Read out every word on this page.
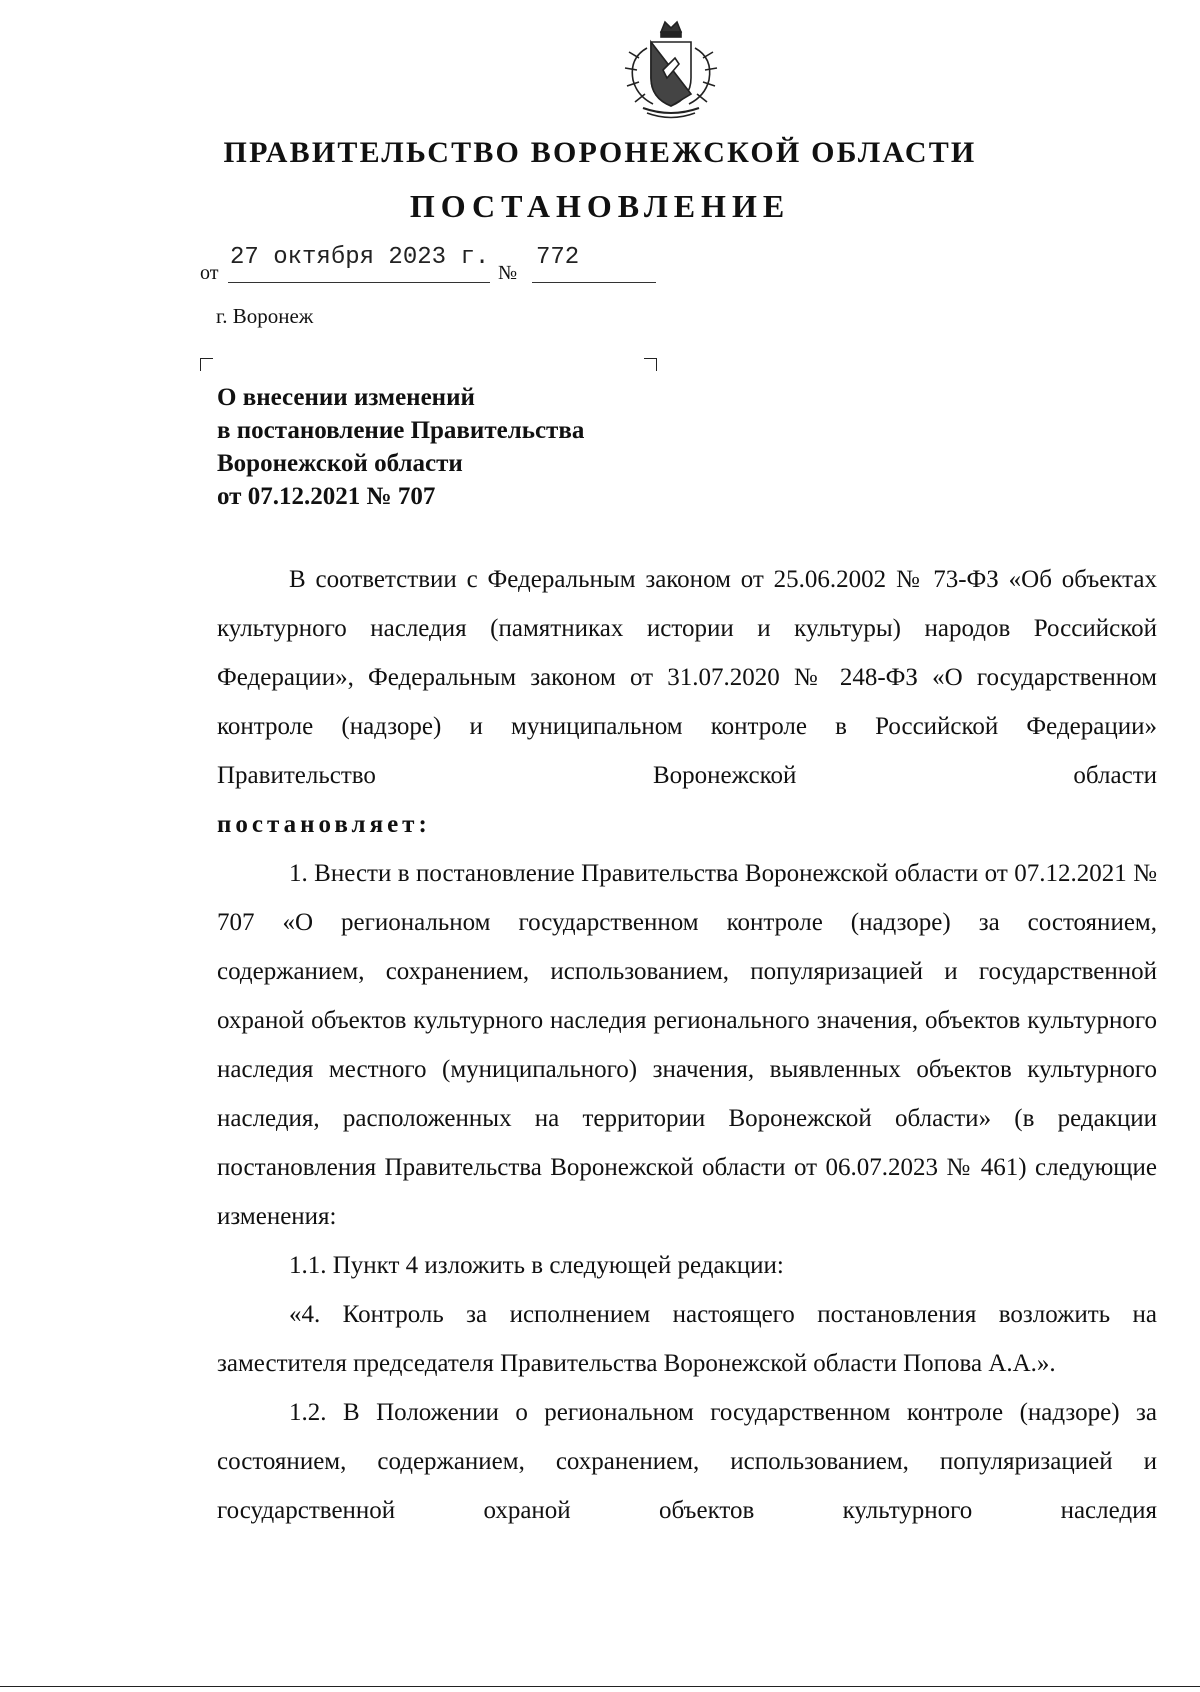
ПРАВИТЕЛЬСТВО ВОРОНЕЖСКОЙ ОБЛАСТИ
ПОСТАНОВЛЕНИЕ
от
27 октября 2023 г.
№
772
г. Воронеж
О внесении изменений
в постановление Правительства
Воронежской области
от 07.12.2021 № 707

В соответствии с Федеральным законом от 25.06.2002 № 73-ФЗ «Об объектах культурного наследия (памятниках истории и культуры) народов Российской Федерации», Федеральным законом от 31.07.2020 № 248-ФЗ «О государственном контроле (надзоре) и муниципальном контроле в Российской Федерации» Правительство Воронежской области

постановляет:

1. Внести в постановление Правительства Воронежской области от 07.12.2021 № 707 «О региональном государственном контроле (надзоре) за состоянием, содержанием, сохранением, использованием, популяризацией и государственной охраной объектов культурного наследия регионального значения, объектов культурного наследия местного (муниципального) значения, выявленных объектов культурного наследия, расположенных на территории Воронежской области» (в редакции постановления Правительства Воронежской области от 06.07.2023 № 461) следующие изменения:

1.1. Пункт 4 изложить в следующей редакции:

«4. Контроль за исполнением настоящего постановления возложить на заместителя председателя Правительства Воронежской области Попова А.А.».

1.2. В Положении о региональном государственном контроле (надзоре) за состоянием, содержанием, сохранением, использованием, популяризацией и государственной охраной объектов культурного наследия
